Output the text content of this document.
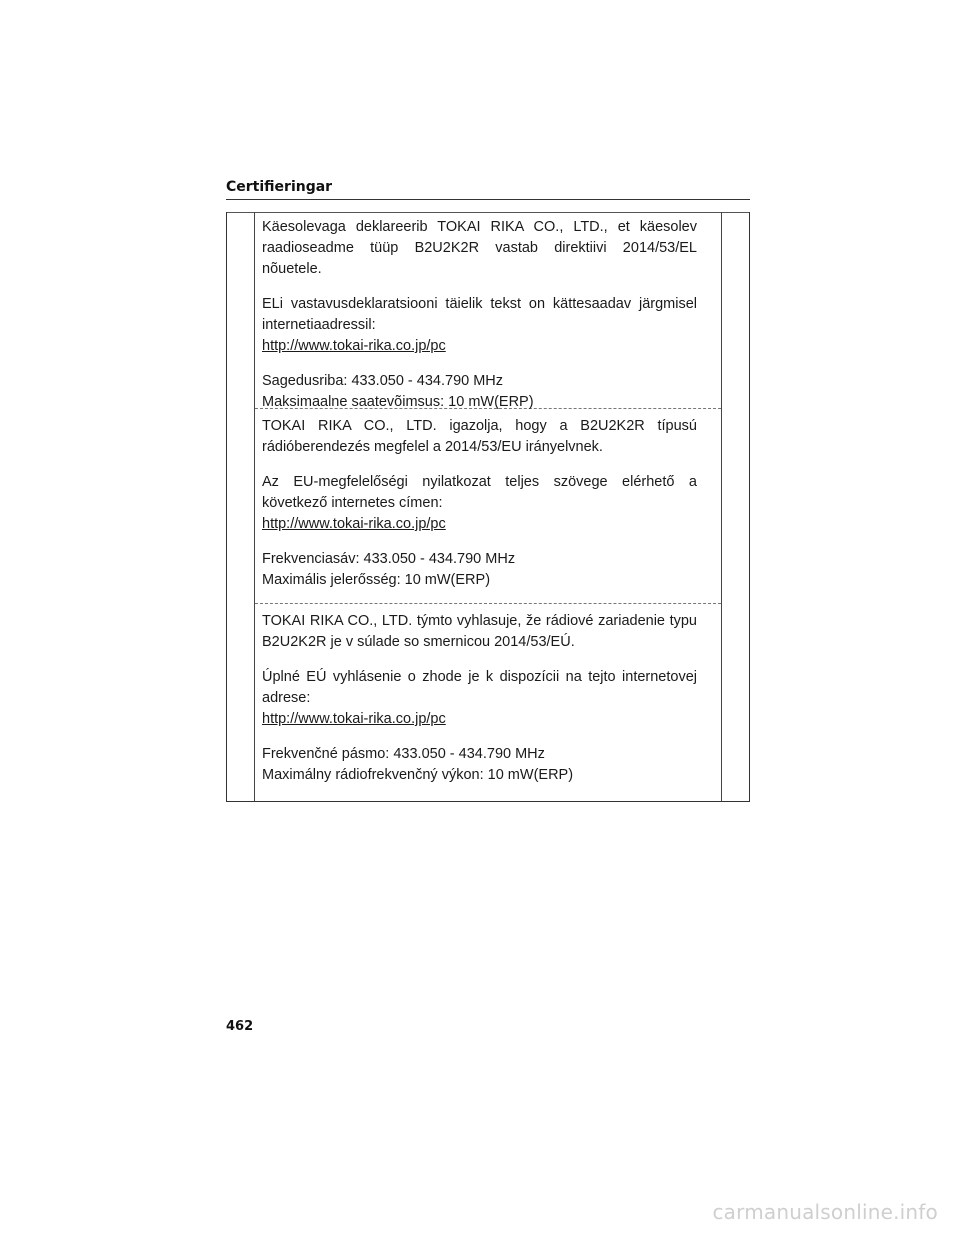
Certifieringar

Käesolevaga deklareerib TOKAI RIKA CO., LTD., et käesolev raadioseadme tüüp B2U2K2R vastab direktiivi 2014/53/EL nõuetele.

ELi vastavusdeklaratsiooni täielik tekst on kättesaadav järgmisel internetiaadressil:

http://www.tokai-rika.co.jp/pc

Sagedusriba: 433.050 - 434.790 MHz

Maksimaalne saatevõimsus: 10 mW(ERP)

TOKAI RIKA CO., LTD. igazolja, hogy a B2U2K2R típusú rádióberendezés megfelel a 2014/53/EU irányelvnek.

Az EU-megfelelőségi nyilatkozat teljes szövege elérhető a következő internetes címen:

http://www.tokai-rika.co.jp/pc

Frekvenciasáv: 433.050 - 434.790 MHz

Maximális jelerősség: 10 mW(ERP)

TOKAI RIKA CO., LTD. týmto vyhlasuje, že rádiové zariadenie typu B2U2K2R je v súlade so smernicou 2014/53/EÚ.

Úplné EÚ vyhlásenie o zhode je k dispozícii na tejto internetovej adrese:

http://www.tokai-rika.co.jp/pc

Frekvenčné pásmo: 433.050 - 434.790 MHz

Maximálny rádiofrekvenčný výkon: 10 mW(ERP)

462
carmanualsonline.info
